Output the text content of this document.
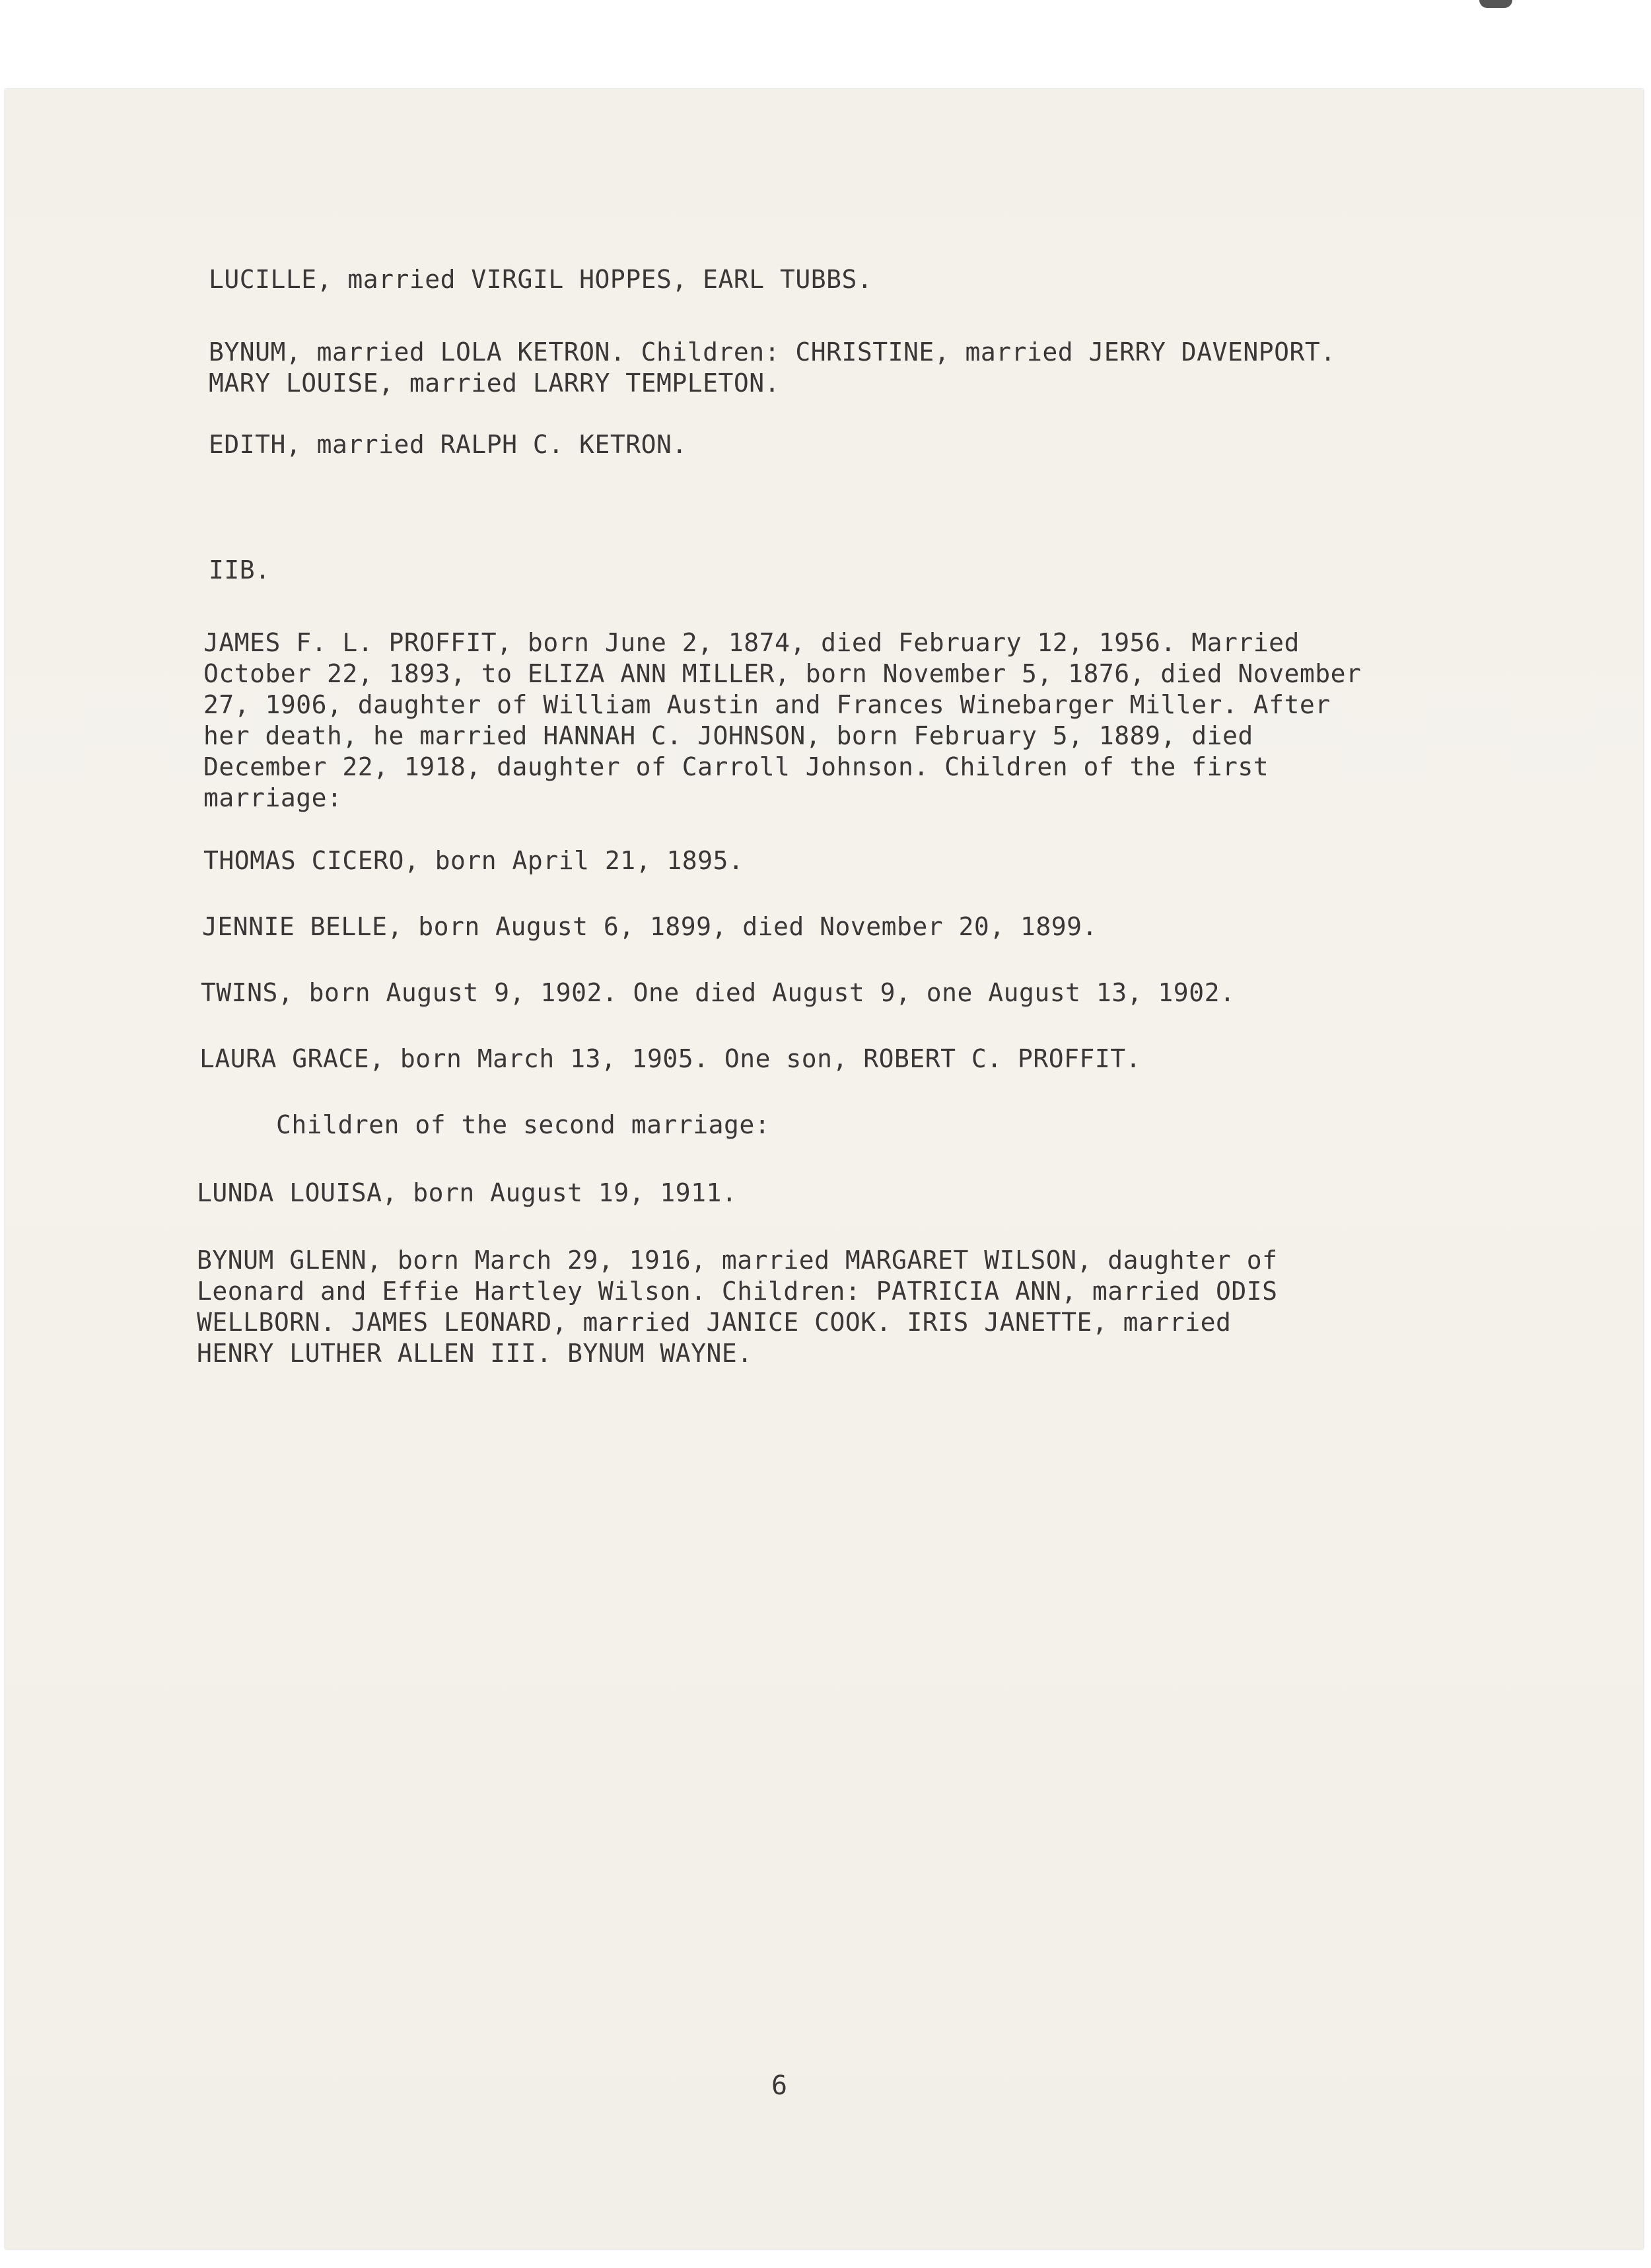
LUCILLE, married VIRGIL HOPPES, EARL TUBBS.
BYNUM, married LOLA KETRON. Children: CHRISTINE, married JERRY DAVENPORT.
MARY LOUISE, married LARRY TEMPLETON.
EDITH, married RALPH C. KETRON.
IIB.
JAMES F. L. PROFFIT, born June 2, 1874, died February 12, 1956. Married
October 22, 1893, to ELIZA ANN MILLER, born November 5, 1876, died November
27, 1906, daughter of William Austin and Frances Winebarger Miller. After
her death, he married HANNAH C. JOHNSON, born February 5, 1889, died
December 22, 1918, daughter of Carroll Johnson. Children of the first
marriage:
THOMAS CICERO, born April 21, 1895.
JENNIE BELLE, born August 6, 1899, died November 20, 1899.
TWINS, born August 9, 1902. One died August 9, one August 13, 1902.
LAURA GRACE, born March 13, 1905. One son, ROBERT C. PROFFIT.
Children of the second marriage:
LUNDA LOUISA, born August 19, 1911.
BYNUM GLENN, born March 29, 1916, married MARGARET WILSON, daughter of
Leonard and Effie Hartley Wilson. Children: PATRICIA ANN, married ODIS
WELLBORN. JAMES LEONARD, married JANICE COOK. IRIS JANETTE, married
HENRY LUTHER ALLEN III. BYNUM WAYNE.
6
